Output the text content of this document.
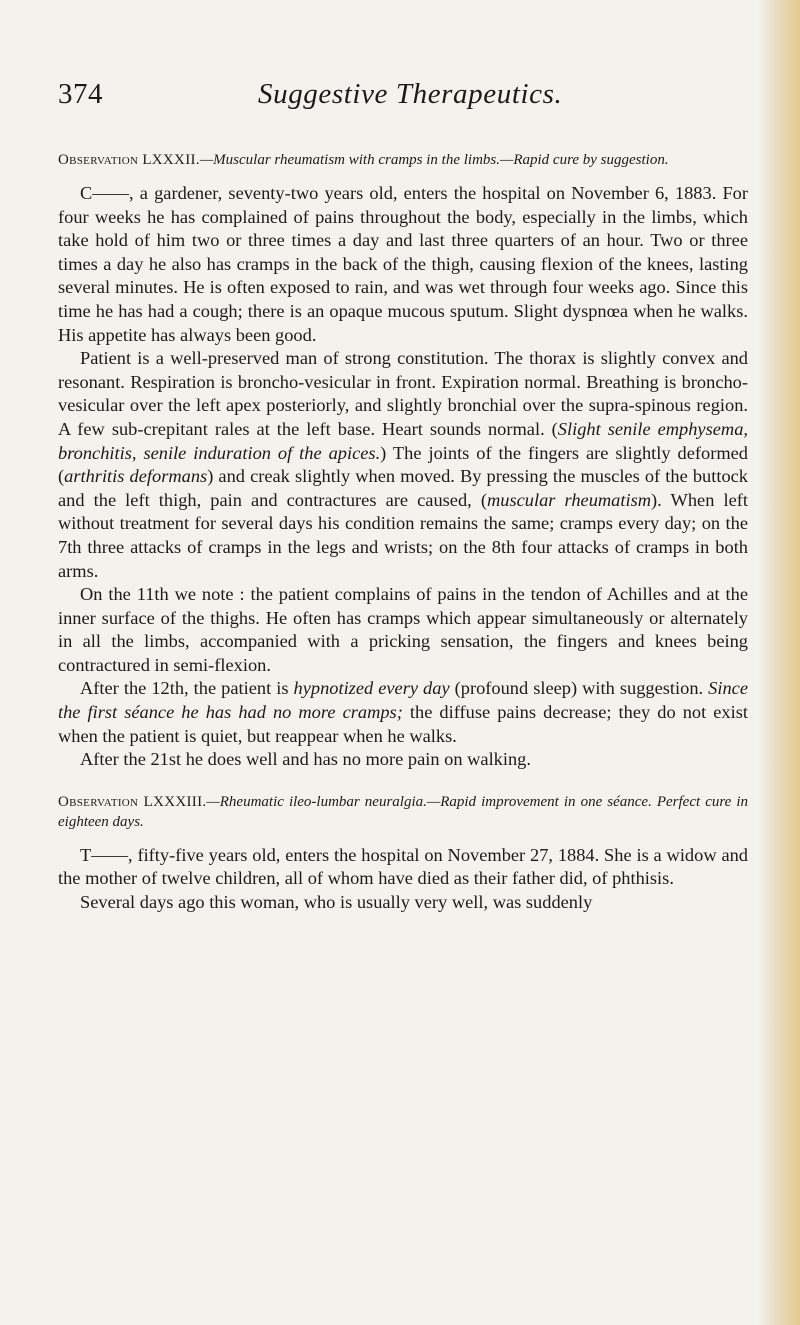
374	Suggestive Therapeutics.
Observation LXXXII.—Muscular rheumatism with cramps in the limbs.—Rapid cure by suggestion.

C——, a gardener, seventy-two years old, enters the hospital on November 6, 1883. For four weeks he has complained of pains throughout the body, especially in the limbs, which take hold of him two or three times a day and last three quarters of an hour. Two or three times a day he also has cramps in the back of the thigh, causing flexion of the knees, lasting several minutes. He is often exposed to rain, and was wet through four weeks ago. Since this time he has had a cough; there is an opaque mucous sputum. Slight dyspnœa when he walks. His appetite has always been good.

Patient is a well-preserved man of strong constitution. The thorax is slightly convex and resonant. Respiration is broncho-vesicular in front. Expiration normal. Breathing is broncho-vesicular over the left apex posteriorly, and slightly bronchial over the supra-spinous region. A few sub-crepitant rales at the left base. Heart sounds normal. (Slight senile emphysema, bronchitis, senile induration of the apices.) The joints of the fingers are slightly deformed (arthritis deformans) and creak slightly when moved. By pressing the muscles of the buttock and the left thigh, pain and contractures are caused, (muscular rheumatism). When left without treatment for several days his condition remains the same; cramps every day; on the 7th three attacks of cramps in the legs and wrists; on the 8th four attacks of cramps in both arms.

On the 11th we note : the patient complains of pains in the tendon of Achilles and at the inner surface of the thighs. He often has cramps which appear simultaneously or alternately in all the limbs, accompanied with a pricking sensation, the fingers and knees being contractured in semi-flexion.

After the 12th, the patient is hypnotized every day (profound sleep) with suggestion. Since the first séance he has had no more cramps; the diffuse pains decrease; they do not exist when the patient is quiet, but reappear when he walks.

After the 21st he does well and has no more pain on walking.

Observation LXXXIII.—Rheumatic ileo-lumbar neuralgia.—Rapid improvement in one séance. Perfect cure in eighteen days.

T——, fifty-five years old, enters the hospital on November 27, 1884. She is a widow and the mother of twelve children, all of whom have died as their father did, of phthisis.

Several days ago this woman, who is usually very well, was suddenly
